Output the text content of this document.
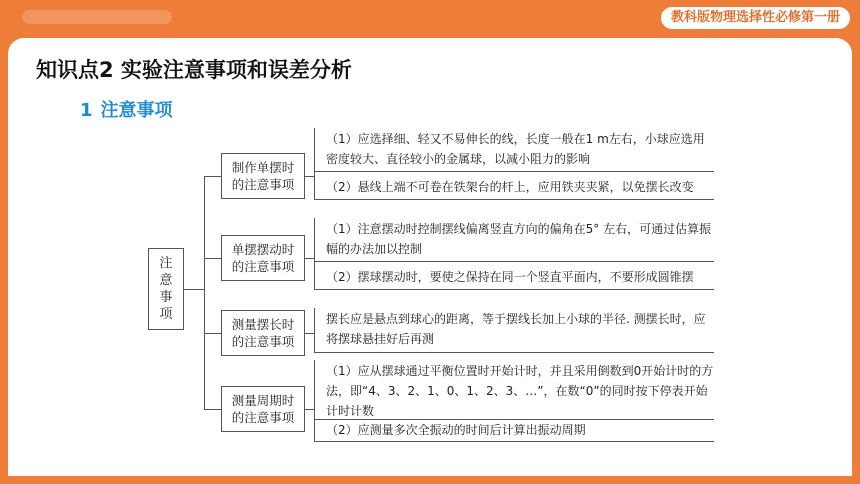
教科版物理选择性必修第一册
知识点2 实验注意事项和误差分析
1 注意事项
注意事项
制作单摆时的注意事项
（1）应选择细、轻又不易伸长的线，长度一般在1 m左右，小球应选用密度较大、直径较小的金属球，以减小阻力的影响
（2）悬线上端不可卷在铁架台的杆上，应用铁夹夹紧，以免摆长改变
单摆摆动时的注意事项
（1）注意摆动时控制摆线偏离竖直方向的偏角在5° 左右，可通过估算振幅的办法加以控制
（2）摆球摆动时，要使之保持在同一个竖直平面内，不要形成圆锥摆
测量摆长时的注意事项
摆长应是悬点到球心的距离，等于摆线长加上小球的半径. 测摆长时，应将摆球悬挂好后再测
测量周期时的注意事项
（1）应从摆球通过平衡位置时开始计时，并且采用倒数到0开始计时的方法，即“4、3、2、1、0、1、2、3、…”，在数“0”的同时按下停表开始计时计数
（2）应测量多次全振动的时间后计算出振动周期
